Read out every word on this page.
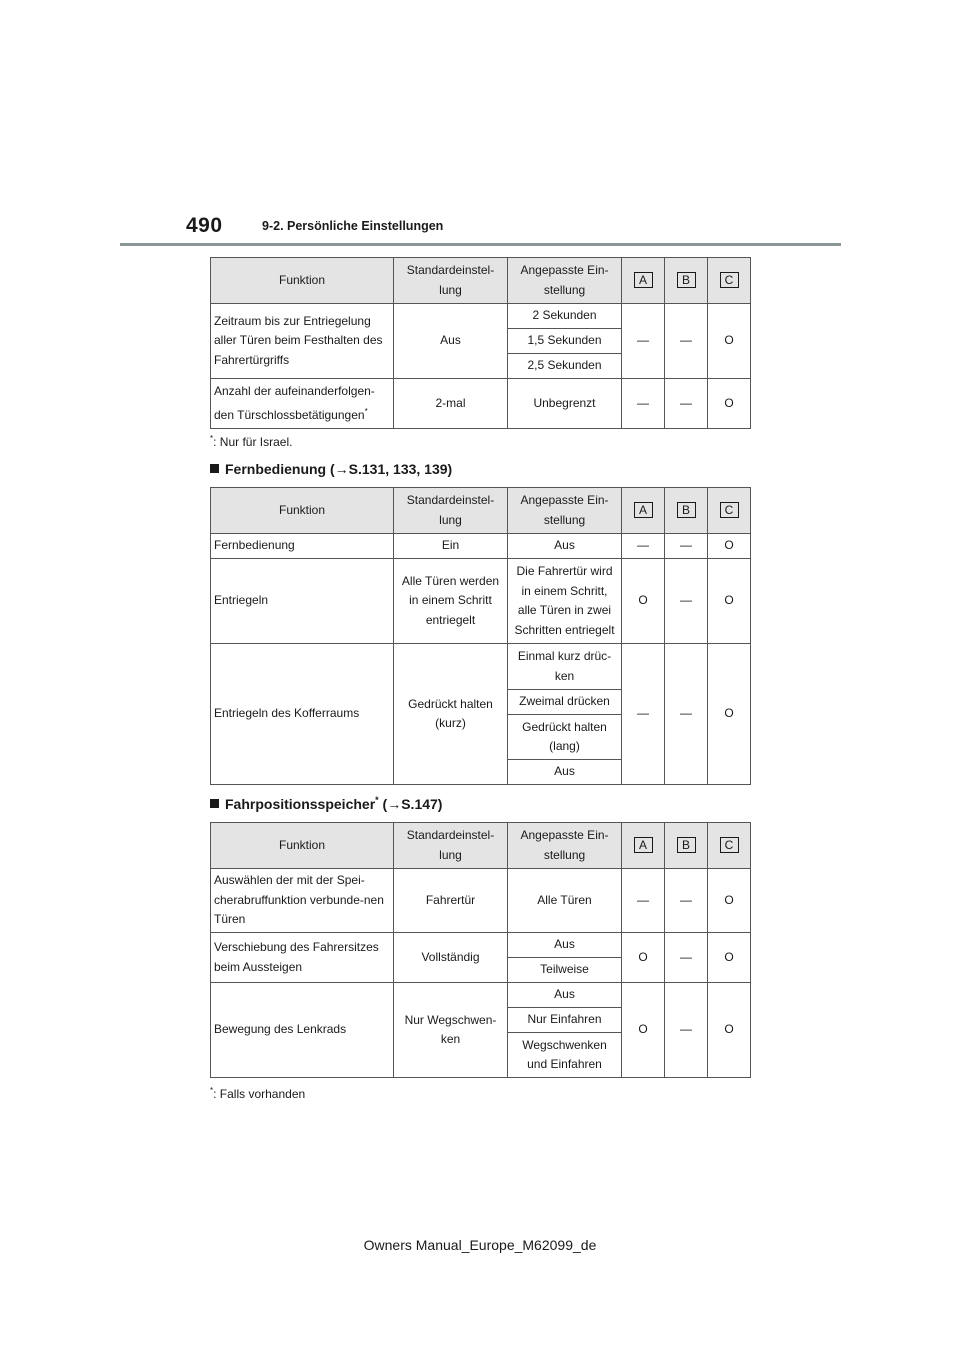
490	9-2. Persönliche Einstellungen
Funktion	Standardeinstel-lung	Angepasste Ein-stellung	A	B	C
Zeitraum bis zur Entriegelung aller Türen beim Festhalten des Fahrertürgriffs	Aus	2 Sekunden	—	—	O
		1,5 Sekunden			
		2,5 Sekunden			
Anzahl der aufeinanderfolgen-den Türschlossbetätigungen*	2-mal	Unbegrenzt	—	—	O
*: Nur für Israel.
Fernbedienung (→S.131, 133, 139)
Funktion	Standardeinstel-lung	Angepasste Ein-stellung	A	B	C
Fernbedienung	Ein	Aus	—	—	O
Entriegeln	Alle Türen werden in einem Schritt entriegelt	Die Fahrertür wird in einem Schritt, alle Türen in zwei Schritten entriegelt	O	—	O
Entriegeln des Kofferraums	Gedrückt halten (kurz)	Einmal kurz drüc-ken	—	—	O
		Zweimal drücken			
		Gedrückt halten (lang)			
		Aus			
Fahrpositionsspeicher* (→S.147)
Funktion	Standardeinstel-lung	Angepasste Ein-stellung	A	B	C
Auswählen der mit der Spei-cherabruffunktion verbunde-nen Türen	Fahrertür	Alle Türen	—	—	O
Verschiebung des Fahrersitzes beim Aussteigen	Vollständig	Aus	O	—	O
		Teilweise			
Bewegung des Lenkrads	Nur Wegschwen-ken	Aus	O	—	O
		Nur Einfahren			
		Wegschwenken und Einfahren			
*: Falls vorhanden
Owners Manual_Europe_M62099_de
